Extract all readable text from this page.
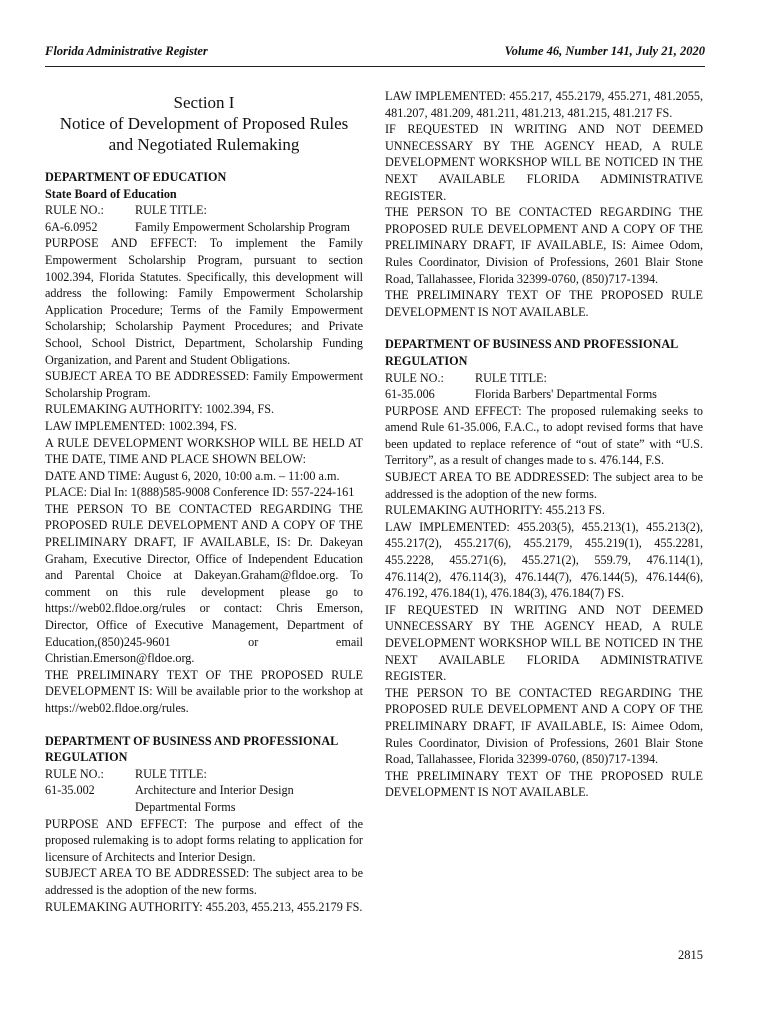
Florida Administrative Register	Volume 46, Number 141, July 21, 2020
Section I
Notice of Development of Proposed Rules
and Negotiated Rulemaking

DEPARTMENT OF EDUCATION

State Board of Education

RULE NO.:	RULE TITLE:
6A-6.0952	Family Empowerment Scholarship Program

PURPOSE AND EFFECT: To implement the Family Empowerment Scholarship Program, pursuant to section 1002.394, Florida Statutes. Specifically, this development will address the following: Family Empowerment Scholarship Application Procedure; Terms of the Family Empowerment Scholarship; Scholarship Payment Procedures; and Private School, School District, Department, Scholarship Funding Organization, and Parent and Student Obligations.

SUBJECT AREA TO BE ADDRESSED: Family Empowerment Scholarship Program.

RULEMAKING AUTHORITY: 1002.394, FS.

LAW IMPLEMENTED: 1002.394, FS.

A RULE DEVELOPMENT WORKSHOP WILL BE HELD AT THE DATE, TIME AND PLACE SHOWN BELOW:

DATE AND TIME: August 6, 2020, 10:00 a.m. – 11:00 a.m.

PLACE: Dial In: 1(888)585-9008 Conference ID: 557-224-161

THE PERSON TO BE CONTACTED REGARDING THE PROPOSED RULE DEVELOPMENT AND A COPY OF THE PRELIMINARY DRAFT, IF AVAILABLE, IS: Dr. Dakeyan Graham, Executive Director, Office of Independent Education and Parental Choice at Dakeyan.Graham@fldoe.org. To comment on this rule development please go to https://web02.fldoe.org/rules or contact: Chris Emerson, Director, Office of Executive Management, Department of Education,(850)245-9601 or email Christian.Emerson@fldoe.org.

THE PRELIMINARY TEXT OF THE PROPOSED RULE DEVELOPMENT IS: Will be available prior to the workshop at https://web02.fldoe.org/rules.

DEPARTMENT OF BUSINESS AND PROFESSIONAL REGULATION

RULE NO.:	RULE TITLE:
61-35.002	Architecture and Interior Design Departmental Forms

PURPOSE AND EFFECT: The purpose and effect of the proposed rulemaking is to adopt forms relating to application for licensure of Architects and Interior Design.

SUBJECT AREA TO BE ADDRESSED: The subject area to be addressed is the adoption of the new forms.

RULEMAKING AUTHORITY: 455.203, 455.213, 455.2179 FS.

LAW IMPLEMENTED: 455.217, 455.2179, 455.271, 481.2055, 481.207, 481.209, 481.211, 481.213, 481.215, 481.217 FS.

IF REQUESTED IN WRITING AND NOT DEEMED UNNECESSARY BY THE AGENCY HEAD, A RULE DEVELOPMENT WORKSHOP WILL BE NOTICED IN THE NEXT AVAILABLE FLORIDA ADMINISTRATIVE REGISTER.

THE PERSON TO BE CONTACTED REGARDING THE PROPOSED RULE DEVELOPMENT AND A COPY OF THE PRELIMINARY DRAFT, IF AVAILABLE, IS: Aimee Odom, Rules Coordinator, Division of Professions, 2601 Blair Stone Road, Tallahassee, Florida 32399-0760, (850)717-1394.

THE PRELIMINARY TEXT OF THE PROPOSED RULE DEVELOPMENT IS NOT AVAILABLE.

DEPARTMENT OF BUSINESS AND PROFESSIONAL REGULATION

RULE NO.:	RULE TITLE:
61-35.006	Florida Barbers' Departmental Forms

PURPOSE AND EFFECT: The proposed rulemaking seeks to amend Rule 61-35.006, F.A.C., to adopt revised forms that have been updated to replace reference of “out of state” with “U.S. Territory”, as a result of changes made to s. 476.144, F.S.

SUBJECT AREA TO BE ADDRESSED: The subject area to be addressed is the adoption of the new forms.

RULEMAKING AUTHORITY: 455.213 FS.

LAW IMPLEMENTED: 455.203(5), 455.213(1), 455.213(2), 455.217(2), 455.217(6), 455.2179, 455.219(1), 455.2281, 455.2228, 455.271(6), 455.271(2), 559.79, 476.114(1), 476.114(2), 476.114(3), 476.144(7), 476.144(5), 476.144(6), 476.192, 476.184(1), 476.184(3), 476.184(7) FS.

IF REQUESTED IN WRITING AND NOT DEEMED UNNECESSARY BY THE AGENCY HEAD, A RULE DEVELOPMENT WORKSHOP WILL BE NOTICED IN THE NEXT AVAILABLE FLORIDA ADMINISTRATIVE REGISTER.

THE PERSON TO BE CONTACTED REGARDING THE PROPOSED RULE DEVELOPMENT AND A COPY OF THE PRELIMINARY DRAFT, IF AVAILABLE, IS: Aimee Odom, Rules Coordinator, Division of Professions, 2601 Blair Stone Road, Tallahassee, Florida 32399-0760, (850)717-1394.

THE PRELIMINARY TEXT OF THE PROPOSED RULE DEVELOPMENT IS NOT AVAILABLE.

2815
